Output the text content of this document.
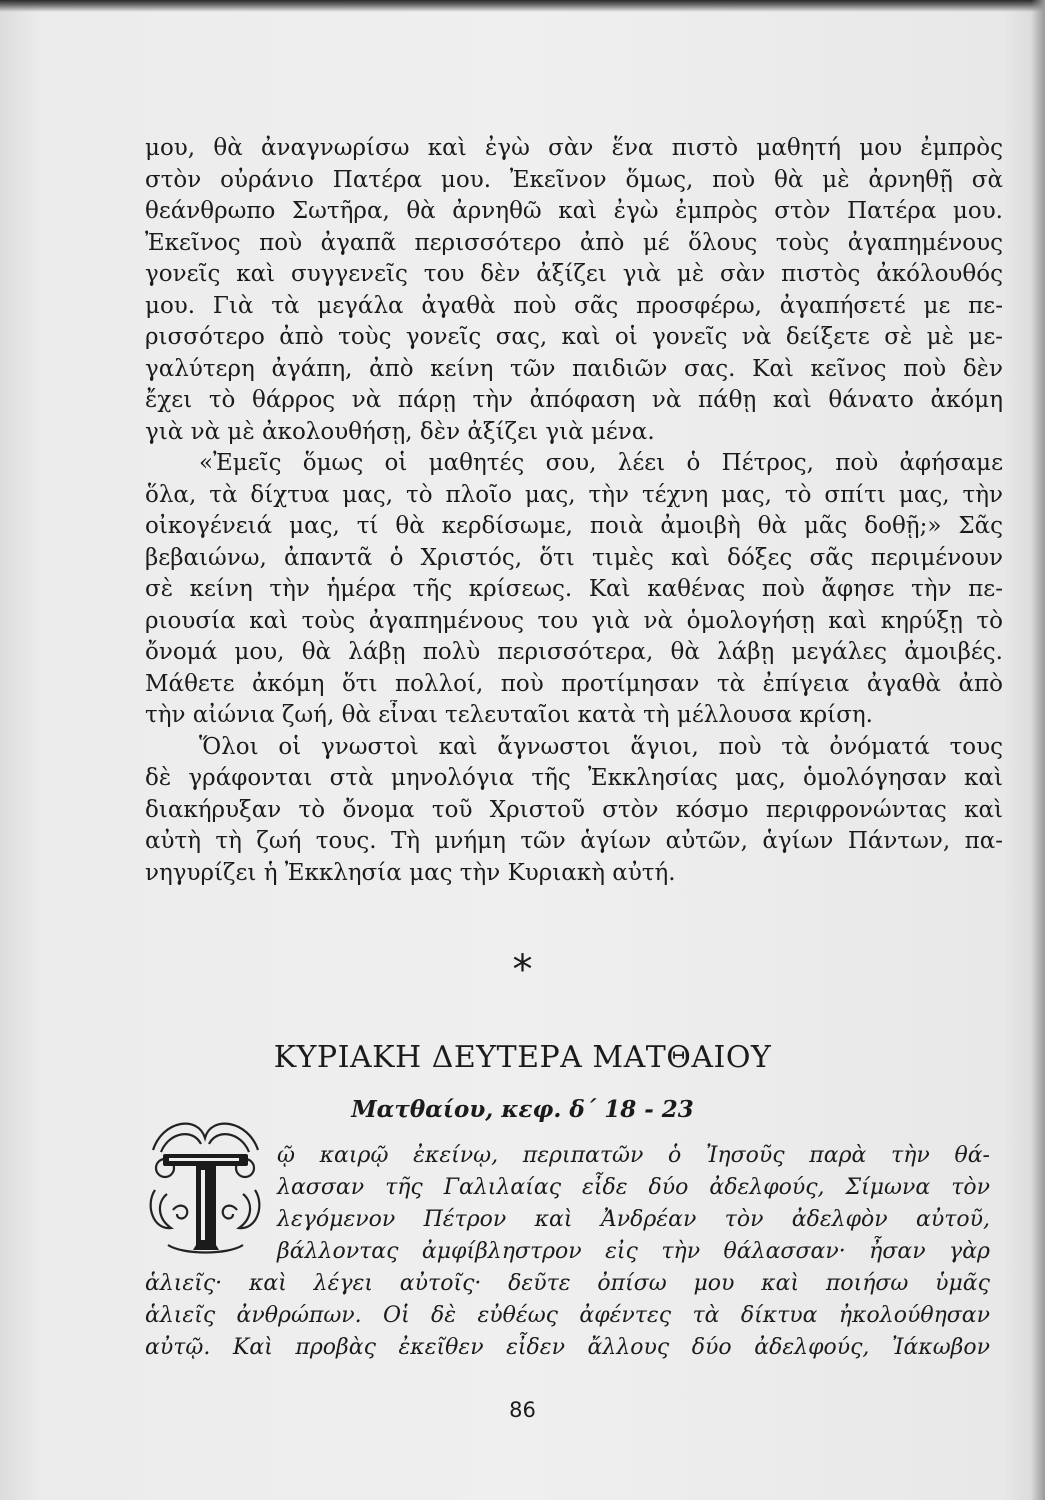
μου, θὰ ἀναγνωρίσω καὶ ἐγὼ σὰν ἕνα πιστὸ μαθητή μου ἐμπρὸς
στὸν οὐράνιο Πατέρα μου. Ἐκεῖνον ὅμως, ποὺ θὰ μὲ ἀρνηθῇ σὰ
θεάνθρωπο Σωτῆρα, θὰ ἀρνηθῶ καὶ ἐγὼ ἐμπρὸς στὸν Πατέρα μου.
Ἐκεῖνος ποὺ ἀγαπᾶ περισσότερο ἀπὸ μέ ὅλους τοὺς ἀγαπημένους
γονεῖς καὶ συγγενεῖς του δὲν ἀξίζει γιὰ μὲ σὰν πιστὸς ἀκόλουθός
μου. Γιὰ τὰ μεγάλα ἀγαθὰ ποὺ σᾶς προσφέρω, ἀγαπήσετέ με πε-
ρισσότερο ἀπὸ τοὺς γονεῖς σας, καὶ οἱ γονεῖς νὰ δείξετε σὲ μὲ με-
γαλύτερη ἀγάπη, ἀπὸ κείνη τῶν παιδιῶν σας. Καὶ κεῖνος ποὺ δὲν
ἔχει τὸ θάρρος νὰ πάρῃ τὴν ἀπόφαση νὰ πάθῃ καὶ θάνατο ἀκόμη
γιὰ νὰ μὲ ἀκολουθήσῃ, δὲν ἀξίζει γιὰ μένα.
«Ἐμεῖς ὅμως οἱ μαθητές σου, λέει ὁ Πέτρος, ποὺ ἀφήσαμε
ὅλα, τὰ δίχτυα μας, τὸ πλοῖο μας, τὴν τέχνη μας, τὸ σπίτι μας, τὴν
οἰκογένειά μας, τί θὰ κερδίσωμε, ποιὰ ἀμοιβὴ θὰ μᾶς δοθῇ;» Σᾶς
βεβαιώνω, ἀπαντᾶ ὁ Χριστός, ὅτι τιμὲς καὶ δόξες σᾶς περιμένουν
σὲ κείνη τὴν ἡμέρα τῆς κρίσεως. Καὶ καθένας ποὺ ἄφησε τὴν πε-
ριουσία καὶ τοὺς ἀγαπημένους του γιὰ νὰ ὁμολογήσῃ καὶ κηρύξῃ τὸ
ὄνομά μου, θὰ λάβῃ πολὺ περισσότερα, θὰ λάβῃ μεγάλες ἀμοιβές.
Μάθετε ἀκόμη ὅτι πολλοί, ποὺ προτίμησαν τὰ ἐπίγεια ἀγαθὰ ἀπὸ
τὴν αἰώνια ζωή, θὰ εἶναι τελευταῖοι κατὰ τὴ μέλλουσα κρίση.
Ὅλοι οἱ γνωστοὶ καὶ ἄγνωστοι ἅγιοι, ποὺ τὰ ὀνόματά τους
δὲ γράφονται στὰ μηνολόγια τῆς Ἐκκλησίας μας, ὁμολόγησαν καὶ
διακήρυξαν τὸ ὄνομα τοῦ Χριστοῦ στὸν κόσμο περιφρονώντας καὶ
αὐτὴ τὴ ζωή τους. Τὴ μνήμη τῶν ἁγίων αὐτῶν, ἁγίων Πάντων, πα-
νηγυρίζει ἡ Ἐκκλησία μας τὴν Κυριακὴ αὐτή.
*
ΚΥΡΙΑΚΗ ΔΕΥΤΕΡΑ ΜΑΤΘΑΙΟΥ
Ματθαίου, κεφ. δ΄ 18 - 23
ῷ καιρῷ ἐκείνῳ, περιπατῶν ὁ Ἰησοῦς παρὰ τὴν θά-
λασσαν τῆς Γαλιλαίας εἶδε δύο ἀδελφούς, Σίμωνα τὸν
λεγόμενον Πέτρον καὶ Ἀνδρέαν τὸν ἀδελφὸν αὐτοῦ,
βάλλοντας ἀμφίβληστρον εἰς τὴν θάλασσαν· ἦσαν γὰρ
ἁλιεῖς· καὶ λέγει αὐτοῖς· δεῦτε ὀπίσω μου καὶ ποιήσω ὑμᾶς
ἁλιεῖς ἀνθρώπων. Οἱ δὲ εὐθέως ἀφέντες τὰ δίκτυα ἠκολούθησαν
αὐτῷ. Καὶ προβὰς ἐκεῖθεν εἶδεν ἄλλους δύο ἀδελφούς, Ἰάκωβον
86
